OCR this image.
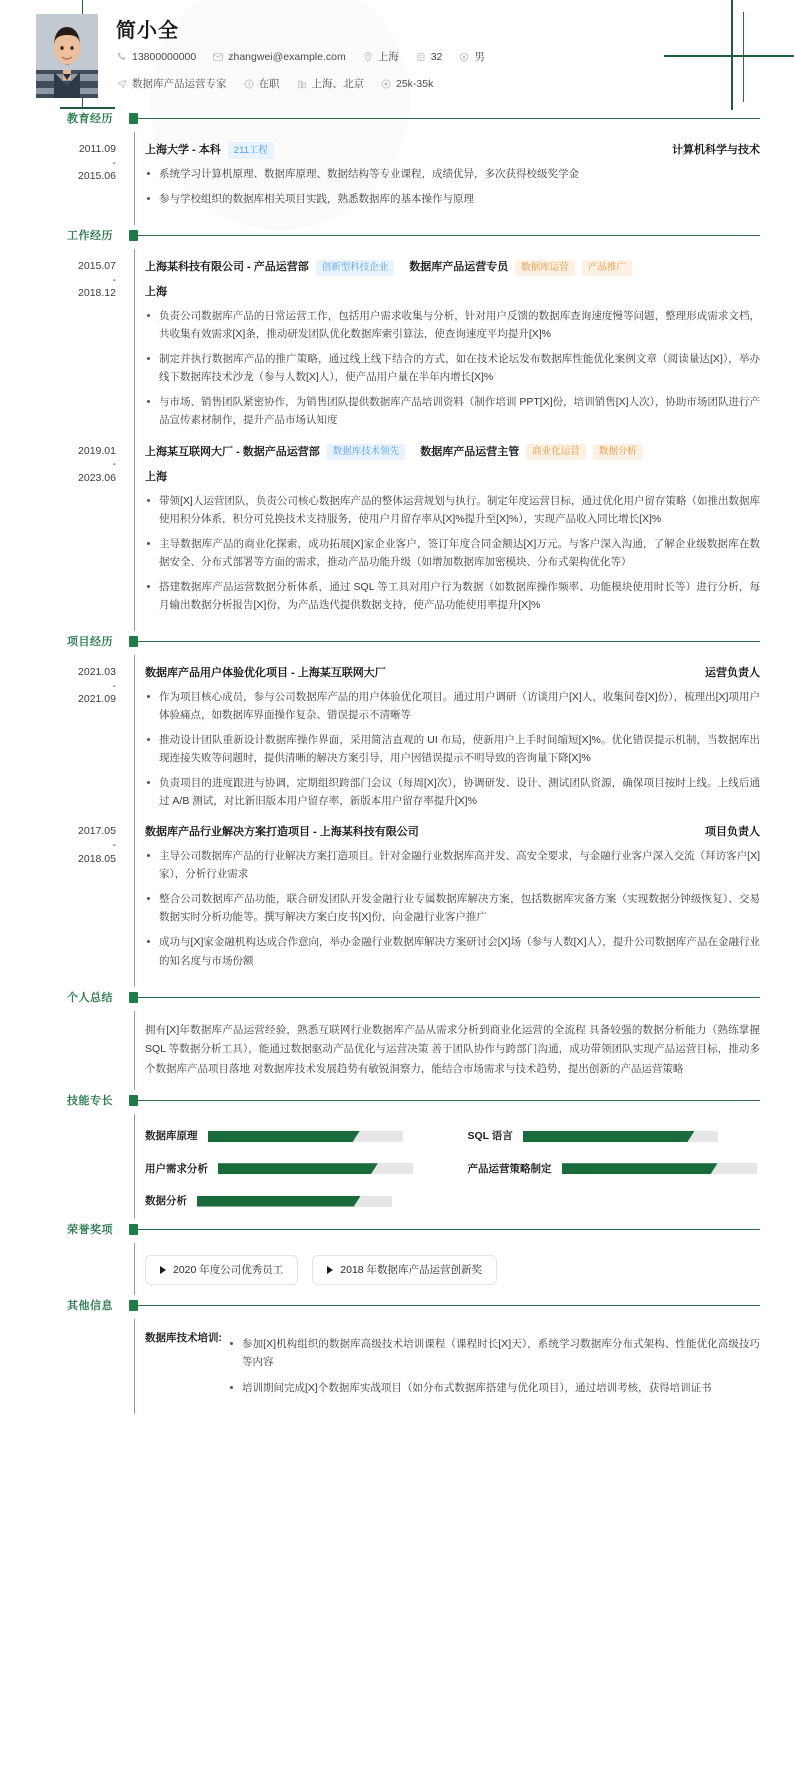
简小全
13800000000	zhangwei@example.com	上海	32	男
数据库产品运营专家	在职	上海、北京	25k-35k
教育经历
2011.09
-
2015.06
上海大学 - 本科	211工程	计算机科学与技术
系统学习计算机原理、数据库原理、数据结构等专业课程，成绩优异，多次获得校级奖学金
参与学校组织的数据库相关项目实践，熟悉数据库的基本操作与原理
工作经历
2015.07
-
2018.12
上海某科技有限公司 - 产品运营部	创新型科技企业	数据库产品运营专员	数据库运营	产品推广
上海
负责公司数据库产品的日常运营工作，包括用户需求收集与分析，针对用户反馈的数据库查询速度慢等问题，整理形成需求文档，共收集有效需求[X]条，推动研发团队优化数据库索引算法，使查询速度平均提升[X]%
制定并执行数据库产品的推广策略，通过线上线下结合的方式，如在技术论坛发布数据库性能优化案例文章（阅读量达[X]），举办线下数据库技术沙龙（参与人数[X]人），使产品用户量在半年内增长[X]%
与市场、销售团队紧密协作，为销售团队提供数据库产品培训资料（制作培训 PPT[X]份，培训销售[X]人次），协助市场团队进行产品宣传素材制作，提升产品市场认知度
2019.01
-
2023.06
上海某互联网大厂 - 数据产品运营部	数据库技术领先	数据库产品运营主管	商业化运营	数据分析
上海
带领[X]人运营团队，负责公司核心数据库产品的整体运营规划与执行。制定年度运营目标，通过优化用户留存策略（如推出数据库使用积分体系，积分可兑换技术支持服务，使用户月留存率从[X]%提升至[X]%），实现产品收入同比增长[X]%
主导数据库产品的商业化探索，成功拓展[X]家企业客户，签订年度合同金额达[X]万元。与客户深入沟通，了解企业级数据库在数据安全、分布式部署等方面的需求，推动产品功能升级（如增加数据库加密模块、分布式架构优化等）
搭建数据库产品运营数据分析体系，通过 SQL 等工具对用户行为数据（如数据库操作频率、功能模块使用时长等）进行分析，每月输出数据分析报告[X]份，为产品迭代提供数据支持，使产品功能使用率提升[X]%
项目经历
2021.03
-
2021.09
数据库产品用户体验优化项目 - 上海某互联网大厂	运营负责人
作为项目核心成员，参与公司数据库产品的用户体验优化项目。通过用户调研（访谈用户[X]人，收集问卷[X]份），梳理出[X]项用户体验痛点，如数据库界面操作复杂、错误提示不清晰等
推动设计团队重新设计数据库操作界面，采用简洁直观的 UI 布局，使新用户上手时间缩短[X]%。优化错误提示机制，当数据库出现连接失败等问题时，提供清晰的解决方案引导，用户因错误提示不明导致的咨询量下降[X]%
负责项目的进度跟进与协调，定期组织跨部门会议（每周[X]次），协调研发、设计、测试团队资源，确保项目按时上线。上线后通过 A/B 测试，对比新旧版本用户留存率，新版本用户留存率提升[X]%
2017.05
-
2018.05
数据库产品行业解决方案打造项目 - 上海某科技有限公司	项目负责人
主导公司数据库产品的行业解决方案打造项目。针对金融行业数据库高并发、高安全要求，与金融行业客户深入交流（拜访客户[X]家），分析行业需求
整合公司数据库产品功能，联合研发团队开发金融行业专属数据库解决方案，包括数据库灾备方案（实现数据分钟级恢复）、交易数据实时分析功能等。撰写解决方案白皮书[X]份，向金融行业客户推广
成功与[X]家金融机构达成合作意向，举办金融行业数据库解决方案研讨会[X]场（参与人数[X]人），提升公司数据库产品在金融行业的知名度与市场份额
个人总结
拥有[X]年数据库产品运营经验，熟悉互联网行业数据库产品从需求分析到商业化运营的全流程 具备较强的数据分析能力（熟练掌握 SQL 等数据分析工具），能通过数据驱动产品优化与运营决策 善于团队协作与跨部门沟通，成功带领团队实现产品运营目标，推动多个数据库产品项目落地 对数据库技术发展趋势有敏锐洞察力，能结合市场需求与技术趋势，提出创新的产品运营策略
技能专长
数据库原理	SQL 语言
用户需求分析	产品运营策略制定
数据分析
荣誉奖项
2020 年度公司优秀员工	2018 年数据库产品运营创新奖
其他信息
数据库技术培训:	参加[X]机构组织的数据库高级技术培训课程（课程时长[X]天），系统学习数据库分布式架构、性能优化高级技巧等内容
培训期间完成[X]个数据库实战项目（如分布式数据库搭建与优化项目），通过培训考核，获得培训证书
